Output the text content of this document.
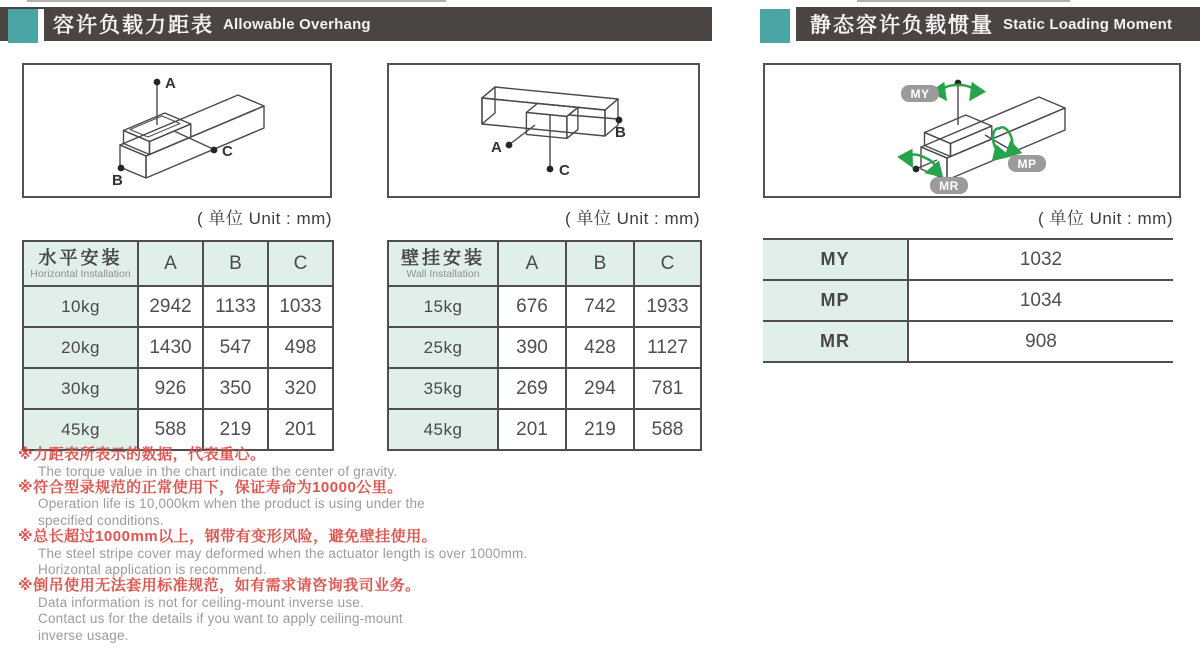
容许负载力距表 Allowable Overhang	静态容许负载惯量 Static Loading Moment
A
C
B
A
C
B
MY
MP
MR
( 单位 Unit : mm)	( 单位 Unit : mm)	( 单位 Unit : mm)
水平安装
Horizontal Installation	A	B	C
10kg	2942	1133	1033
20kg	1430	547	498
30kg	926	350	320
45kg	588	219	201
壁挂安装
Wall Installation	A	B	C
15kg	676	742	1933
25kg	390	428	1127
35kg	269	294	781
45kg	201	219	588
MY	1032
MP	1034
MR	908
※力距表所表示的数据，代表重心。
The torque value in the chart indicate the center of gravity.
※符合型录规范的正常使用下，保证寿命为10000公里。
Operation life is 10,000km when the product is using under the
specified conditions.
※总长超过1000mm以上，钢带有变形风险，避免壁挂使用。
The steel stripe cover may deformed when the actuator length is over 1000mm.
Horizontal application is recommend.
※倒吊使用无法套用标准规范，如有需求请咨询我司业务。
Data information is not for ceiling-mount inverse use.
Contact us for the details if you want to apply ceiling-mount
inverse usage.
